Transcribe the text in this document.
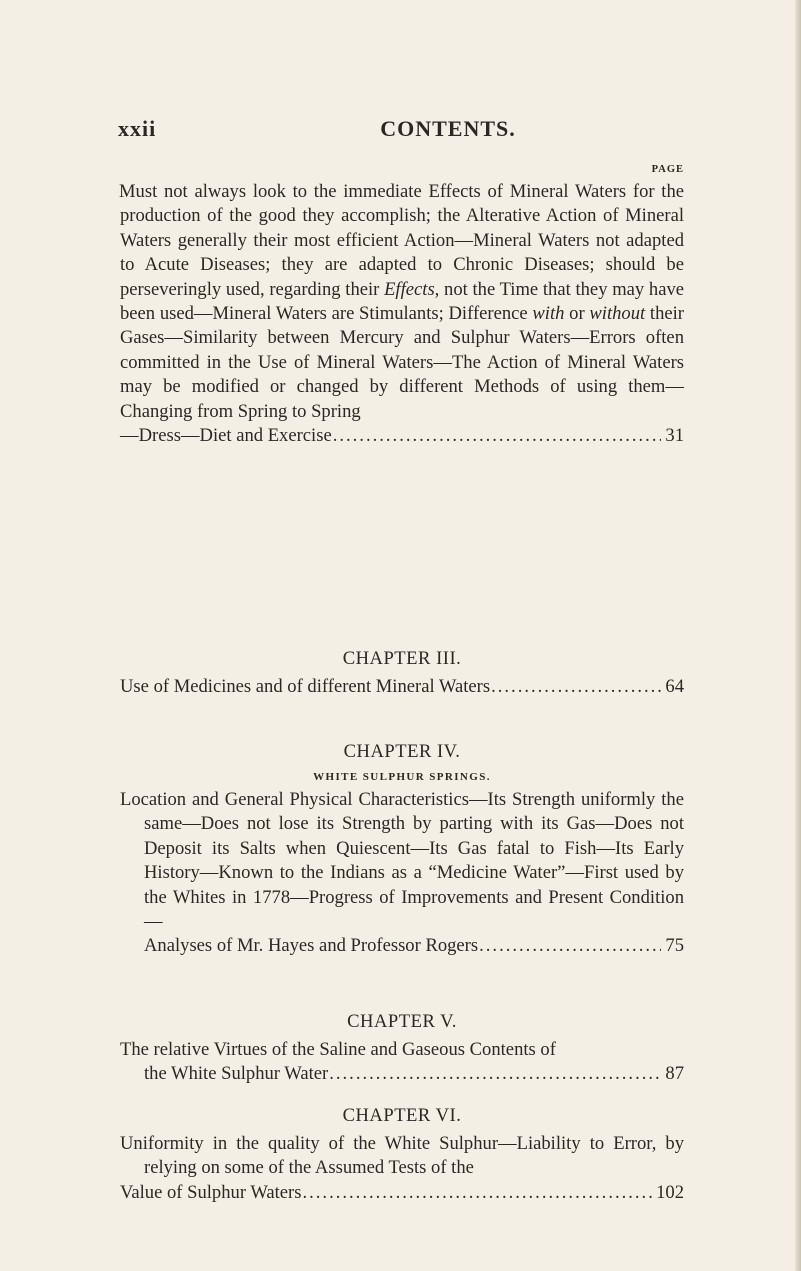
xxii	CONTENTS.
PAGE
Must not always look to the immediate Effects of Mineral Waters for the production of the good they accomplish; the Alterative Action of Mineral Waters generally their most efficient Action—Mineral Waters not adapted to Acute Diseases; they are adapted to Chronic Diseases; should be perseveringly used, regarding their Effects, not the Time that they may have been used—Mineral Waters are Stimulants; Difference with or without their Gases—Similarity between Mercury and Sulphur Waters—Errors often committed in the Use of Mineral Waters—The Action of Mineral Waters may be modified or changed by different Methods of using them—Changing from Spring to Spring
—Dress—Diet and Exercise .....	31
CHAPTER III.
Use of Medicines and of different Mineral Waters .....	64
CHAPTER IV.
WHITE SULPHUR SPRINGS.
Location and General Physical Characteristics—Its Strength uniformly the same—Does not lose its Strength by parting with its Gas—Does not Deposit its Salts when Quiescent—Its Gas fatal to Fish—Its Early History—Known to the Indians as a “Medicine Water”—First used by the Whites in 1778—Progress of Improvements and Present Condition—
Analyses of Mr. Hayes and Professor Rogers .....	75
CHAPTER V.
The relative Virtues of the Saline and Gaseous Contents of
the White Sulphur Water .....	87
CHAPTER VI.
Uniformity in the quality of the White Sulphur—Liability to Error, by relying on some of the Assumed Tests of the
Value of Sulphur Waters .....	102
